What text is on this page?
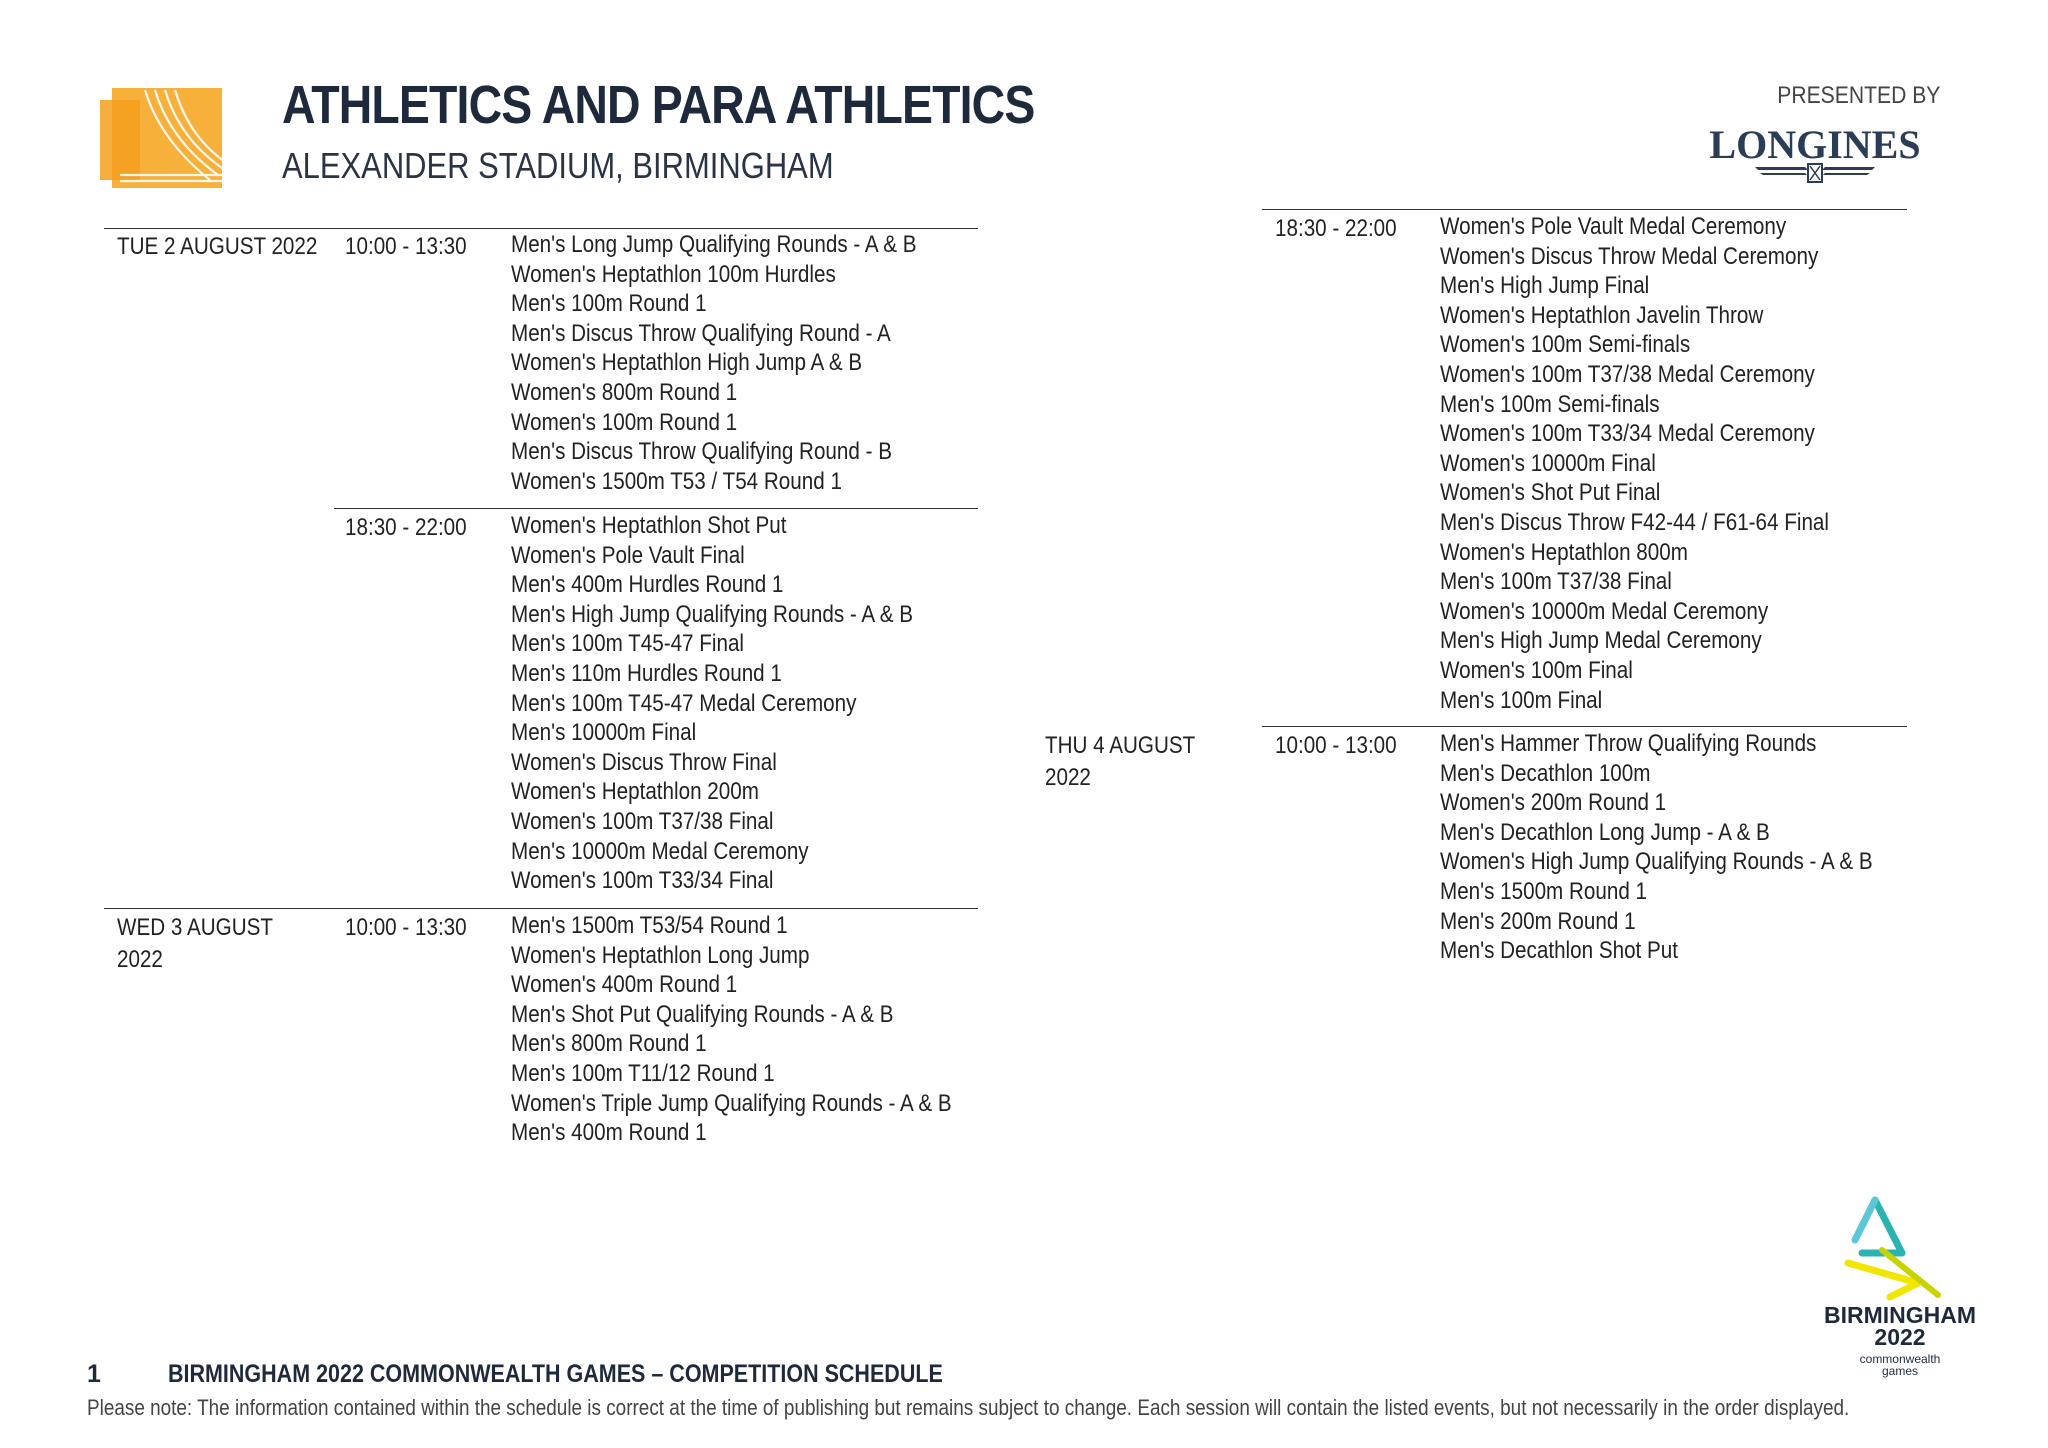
ATHLETICS AND PARA ATHLETICS
ALEXANDER STADIUM, BIRMINGHAM
PRESENTED BY
LONGINES
TUE 2 AUGUST 2022 10:00 - 13:30 Men's Long Jump Qualifying Rounds - A & B
Women's Heptathlon 100m Hurdles
Men's 100m Round 1
Men's Discus Throw Qualifying Round - A
Women's Heptathlon High Jump A & B
Women's 800m Round 1
Women's 100m Round 1
Men's Discus Throw Qualifying Round - B
Women's 1500m T53 / T54 Round 1
18:30 - 22:00 Women's Heptathlon Shot Put
Women's Pole Vault Final
Men's 400m Hurdles Round 1
Men's High Jump Qualifying Rounds - A & B
Men's 100m T45-47 Final
Men's 110m Hurdles Round 1
Men's 100m T45-47 Medal Ceremony
Men's 10000m Final
Women's Discus Throw Final
Women's Heptathlon 200m
Women's 100m T37/38 Final
Men's 10000m Medal Ceremony
Women's 100m T33/34 Final
WED 3 AUGUST
2022
10:00 - 13:30 Men's 1500m T53/54 Round 1
Women's Heptathlon Long Jump
Women's 400m Round 1
Men's Shot Put Qualifying Rounds - A & B
Men's 800m Round 1
Men's 100m T11/12 Round 1
Women's Triple Jump Qualifying Rounds - A & B
Men's 400m Round 1
18:30 - 22:00 Women's Pole Vault Medal Ceremony
Women's Discus Throw Medal Ceremony
Men's High Jump Final
Women's Heptathlon Javelin Throw
Women's 100m Semi-finals
Women's 100m T37/38 Medal Ceremony
Men's 100m Semi-finals
Women's 100m T33/34 Medal Ceremony
Women's 10000m Final
Women's Shot Put Final
Men's Discus Throw F42-44 / F61-64 Final
Women's Heptathlon 800m
Men's 100m T37/38 Final
Women's 10000m Medal Ceremony
Men's High Jump Medal Ceremony
Women's 100m Final
Men's 100m Final
THU 4 AUGUST
2022
10:00 - 13:00 Men's Hammer Throw Qualifying Rounds
Men's Decathlon 100m
Women's 200m Round 1
Men's Decathlon Long Jump - A & B
Women's High Jump Qualifying Rounds - A & B
Men's 1500m Round 1
Men's 200m Round 1
Men's Decathlon Shot Put
BIRMINGHAM
2022
commonwealth
games
1	BIRMINGHAM 2022 COMMONWEALTH GAMES – COMPETITION SCHEDULE
Please note: The information contained within the schedule is correct at the time of publishing but remains subject to change. Each session will contain the listed events, but not necessarily in the order displayed.
